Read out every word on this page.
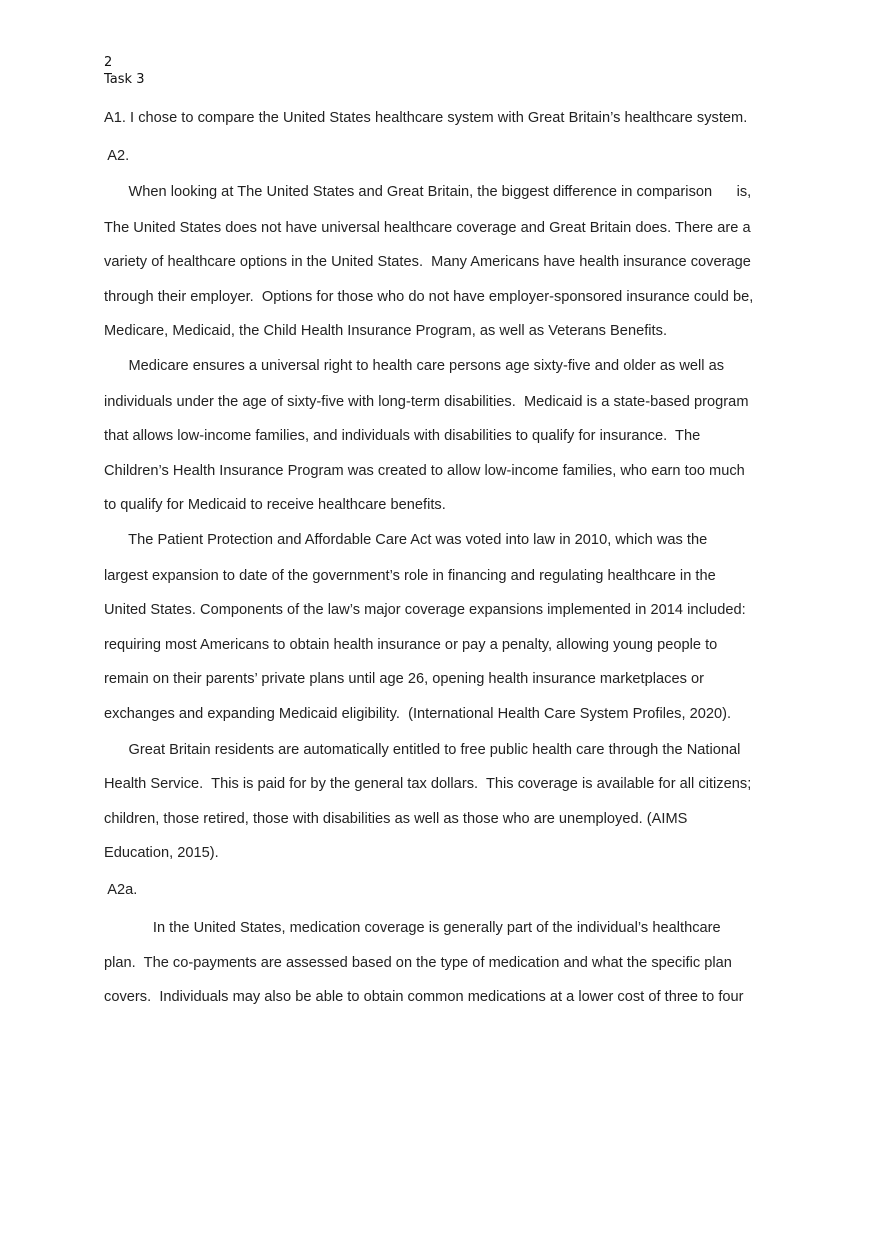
2
Task 3
A1. I chose to compare the United States healthcare system with Great Britain’s healthcare system.
A2.
When looking at The United States and Great Britain, the biggest difference in comparison      is,
The United States does not have universal healthcare coverage and Great Britain does. There are a
variety of healthcare options in the United States.  Many Americans have health insurance coverage
through their employer.  Options for those who do not have employer-sponsored insurance could be,
Medicare, Medicaid, the Child Health Insurance Program, as well as Veterans Benefits.
Medicare ensures a universal right to health care persons age sixty-five and older as well as
individuals under the age of sixty-five with long-term disabilities.  Medicaid is a state-based program
that allows low-income families, and individuals with disabilities to qualify for insurance.  The
Children’s Health Insurance Program was created to allow low-income families, who earn too much
to qualify for Medicaid to receive healthcare benefits.
The Patient Protection and Affordable Care Act was voted into law in 2010, which was the
largest expansion to date of the government’s role in financing and regulating healthcare in the
United States. Components of the law’s major coverage expansions implemented in 2014 included:
requiring most Americans to obtain health insurance or pay a penalty, allowing young people to
remain on their parents’ private plans until age 26, opening health insurance marketplaces or
exchanges and expanding Medicaid eligibility.  (International Health Care System Profiles, 2020).
Great Britain residents are automatically entitled to free public health care through the National
Health Service.  This is paid for by the general tax dollars.  This coverage is available for all citizens;
children, those retired, those with disabilities as well as those who are unemployed. (AIMS
Education, 2015).
A2a.
In the United States, medication coverage is generally part of the individual’s healthcare
plan.  The co-payments are assessed based on the type of medication and what the specific plan
covers.  Individuals may also be able to obtain common medications at a lower cost of three to four
